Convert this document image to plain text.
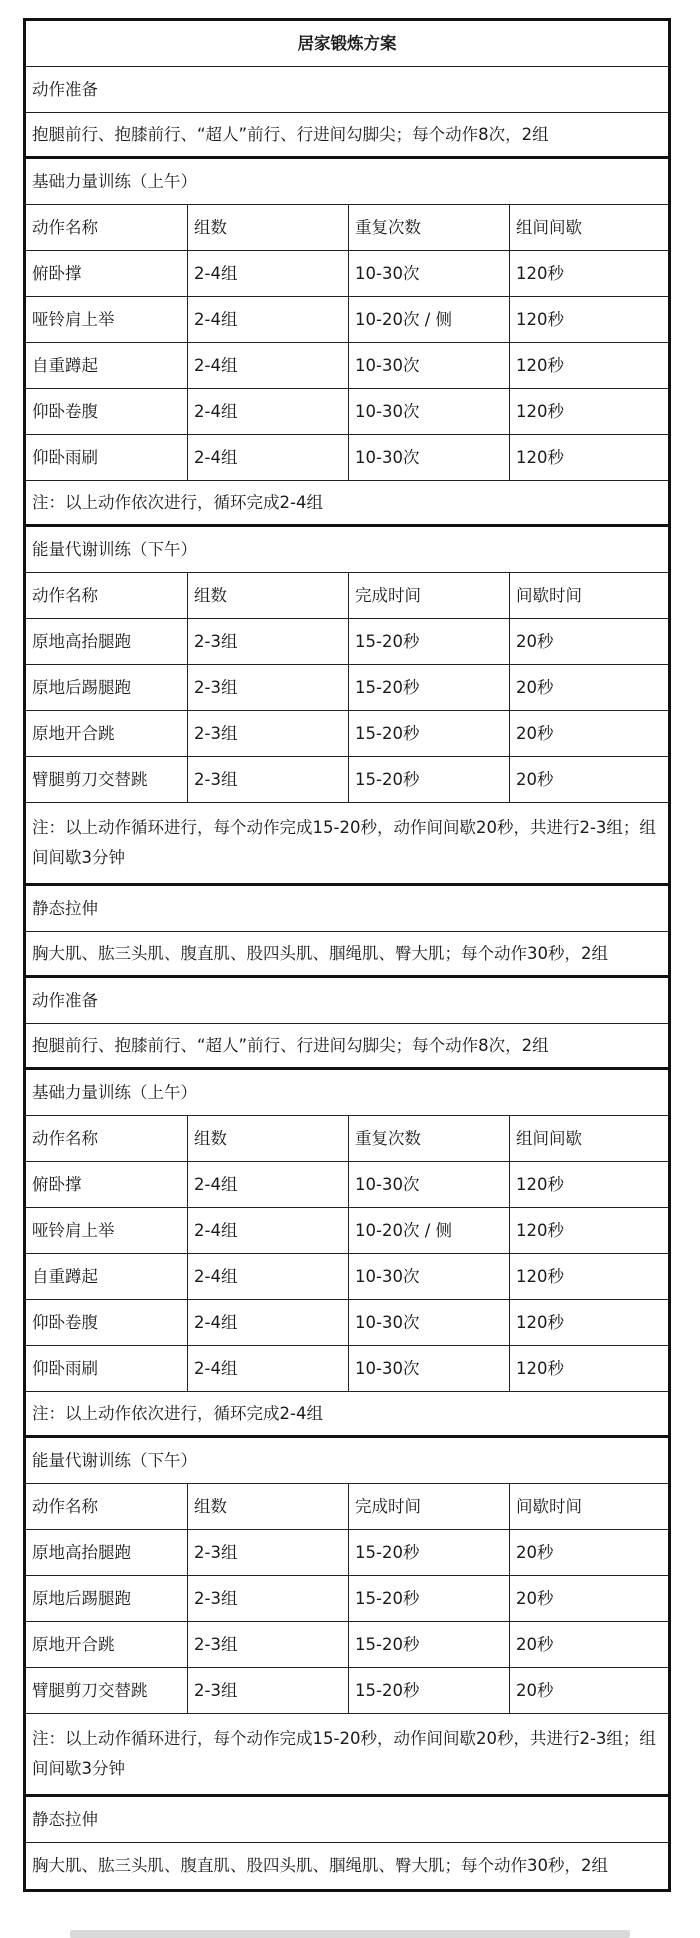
居家锻炼方案
动作准备
抱腿前行、抱膝前行、“超人”前行、行进间勾脚尖；每个动作8次，2组
基础力量训练（上午）
动作名称	组数	重复次数	组间间歇
俯卧撑	2-4组	10-30次	120秒
哑铃肩上举	2-4组	10-20次 / 侧	120秒
自重蹲起	2-4组	10-30次	120秒
仰卧卷腹	2-4组	10-30次	120秒
仰卧雨刷	2-4组	10-30次	120秒
注：以上动作依次进行，循环完成2-4组
能量代谢训练（下午）
动作名称	组数	完成时间	间歇时间
原地高抬腿跑	2-3组	15-20秒	20秒
原地后踢腿跑	2-3组	15-20秒	20秒
原地开合跳	2-3组	15-20秒	20秒
臂腿剪刀交替跳	2-3组	15-20秒	20秒
注：以上动作循环进行，每个动作完成15-20秒，动作间间歇20秒，共进行2-3组；组间间歇3分钟
静态拉伸
胸大肌、肱三头肌、腹直肌、股四头肌、腘绳肌、臀大肌；每个动作30秒，2组
动作准备
抱腿前行、抱膝前行、“超人”前行、行进间勾脚尖；每个动作8次，2组
基础力量训练（上午）
动作名称	组数	重复次数	组间间歇
俯卧撑	2-4组	10-30次	120秒
哑铃肩上举	2-4组	10-20次 / 侧	120秒
自重蹲起	2-4组	10-30次	120秒
仰卧卷腹	2-4组	10-30次	120秒
仰卧雨刷	2-4组	10-30次	120秒
注：以上动作依次进行，循环完成2-4组
能量代谢训练（下午）
动作名称	组数	完成时间	间歇时间
原地高抬腿跑	2-3组	15-20秒	20秒
原地后踢腿跑	2-3组	15-20秒	20秒
原地开合跳	2-3组	15-20秒	20秒
臂腿剪刀交替跳	2-3组	15-20秒	20秒
注：以上动作循环进行，每个动作完成15-20秒，动作间间歇20秒，共进行2-3组；组间间歇3分钟
静态拉伸
胸大肌、肱三头肌、腹直肌、股四头肌、腘绳肌、臀大肌；每个动作30秒，2组
